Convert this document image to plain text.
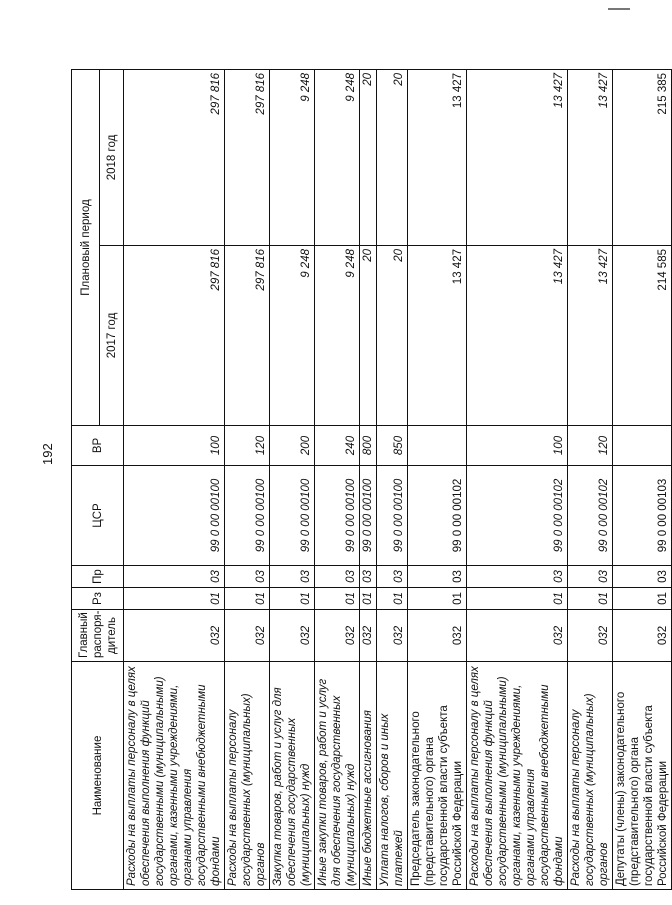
192
Наименование	Главный распоря-дитель	Рз	Пр	ЦСР	ВР	Плановый период	
						2017 год	2018 год
Расходы на выплаты персоналу в целях обеспечения выполнения функций государственными (муниципальными) органами, казенными учреждениями, органами управления государственными внебюджетными фондами	032	01	03	99 0 00 00100	100	297 816	297 816
Расходы на выплаты персоналу государственных (муниципальных) органов	032	01	03	99 0 00 00100	120	297 816	297 816
Закупка товаров, работ и услуг для обеспечения государственных (муниципальных) нужд	032	01	03	99 0 00 00100	200	9 248	9 248
Иные закупки товаров, работ и услуг для обеспечения государственных (муниципальных) нужд	032	01	03	99 0 00 00100	240	9 248	9 248
Иные бюджетные ассигнования	032	01	03	99 0 00 00100	800	20	20
Уплата налогов, сборов и иных платежей	032	01	03	99 0 00 00100	850	20	20
Председатель законодательного (представительного) органа государственной власти субъекта Российской Федерации	032	01	03	99 0 00 00102		13 427	13 427
Расходы на выплаты персоналу в целях обеспечения выполнения функций государственными (муниципальными) органами, казенными учреждениями, органами управления государственными внебюджетными фондами	032	01	03	99 0 00 00102	100	13 427	13 427
Расходы на выплаты персоналу государственных (муниципальных) органов	032	01	03	99 0 00 00102	120	13 427	13 427
Депутаты (члены) законодательного (представительного) органа государственной власти субъекта Российской Федерации	032	01	03	99 0 00 00103		214 585	215 385
